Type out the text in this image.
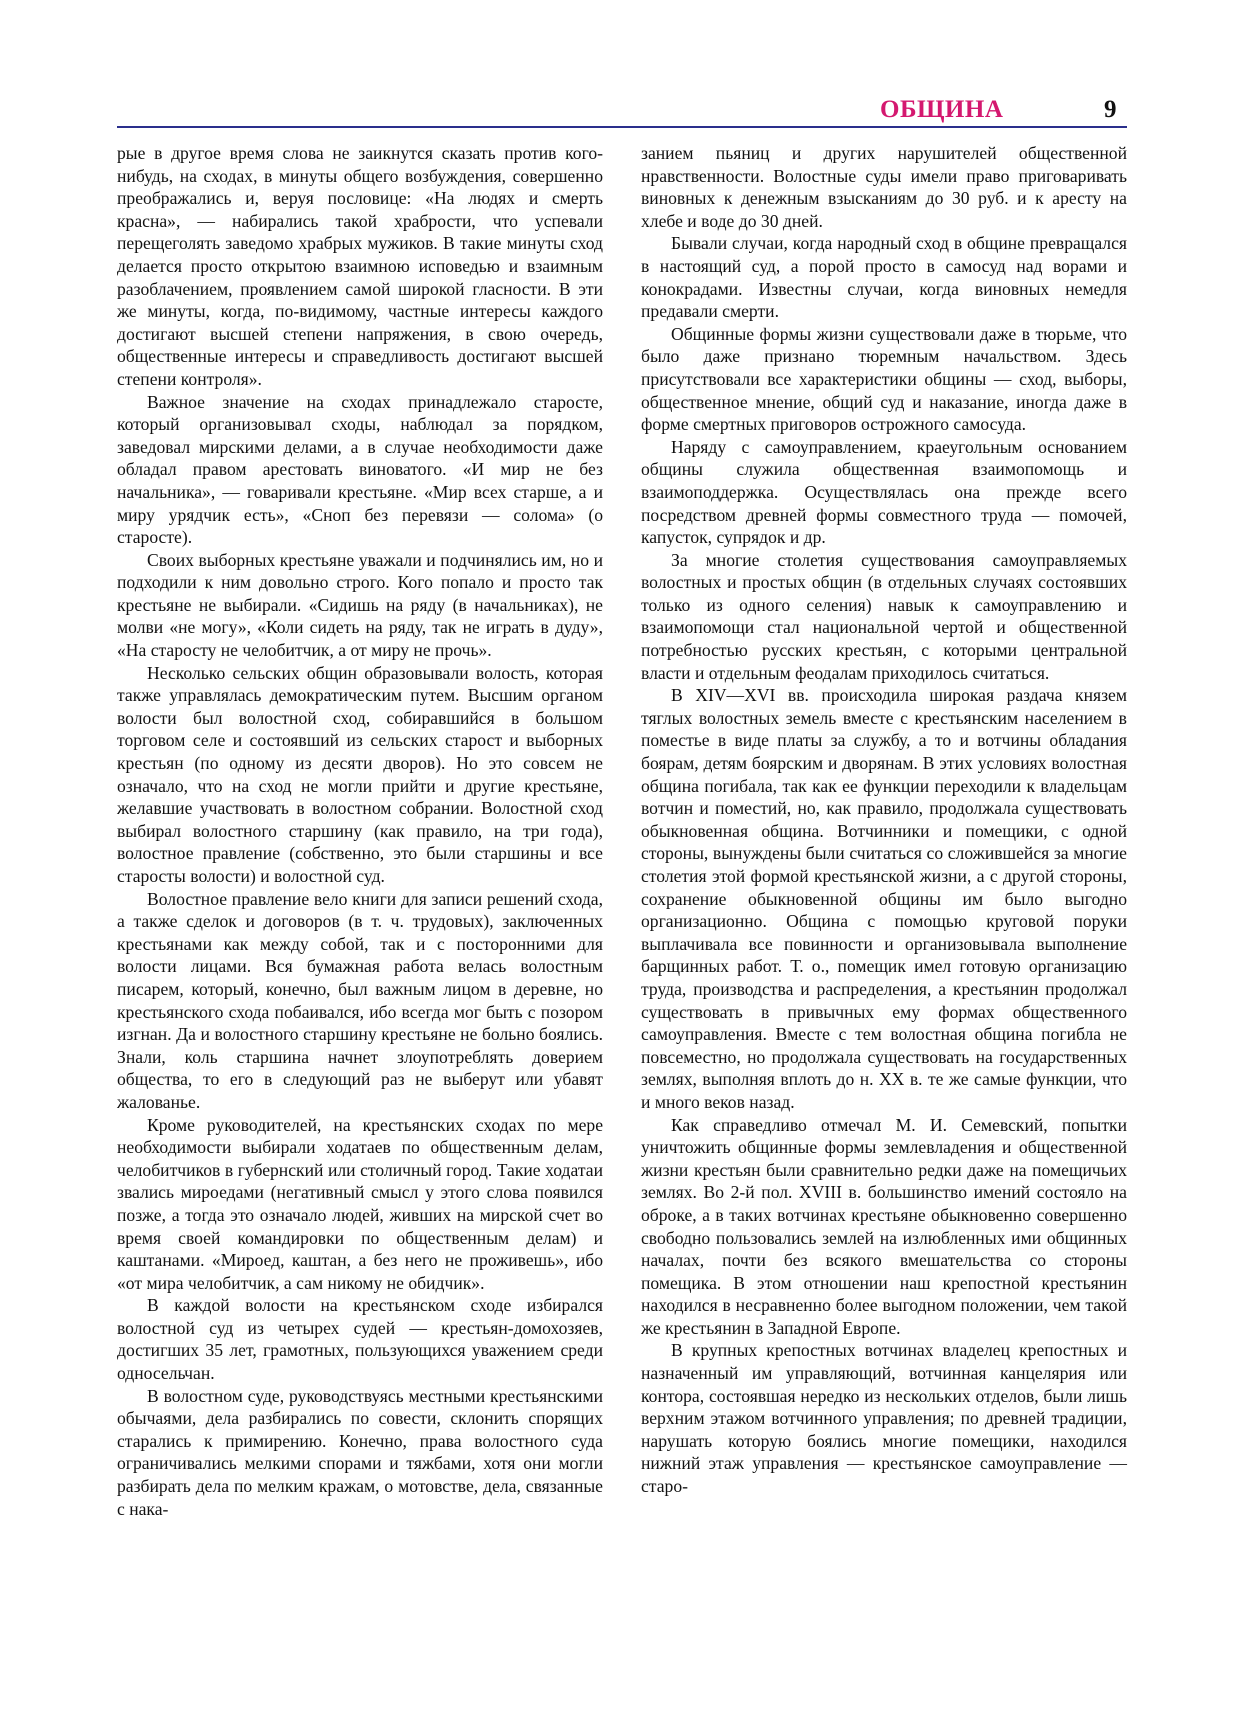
ОБЩИНА	9

рые в другое время слова не заикнутся сказать против кого-нибудь, на сходах, в минуты общего возбуждения, совершенно преображались и, веруя пословице: «На людях и смерть красна», — набирались такой храбрости, что успевали перещеголять заведомо храбрых мужиков. В такие минуты сход делается просто открытою взаимною исповедью и взаимным разоблачением, проявлением самой широкой гласности. В эти же минуты, когда, по-видимому, частные интересы каждого достигают высшей степени напряжения, в свою очередь, общественные интересы и справедливость достигают высшей степени контроля».

Важное значение на сходах принадлежало старосте, который организовывал сходы, наблюдал за порядком, заведовал мирскими делами, а в случае необходимости даже обладал правом арестовать виноватого. «И мир не без начальника», — говаривали крестьяне. «Мир всех старше, а и миру урядчик есть», «Сноп без перевязи — солома» (о старосте).

Своих выборных крестьяне уважали и подчинялись им, но и подходили к ним довольно строго. Кого попало и просто так крестьяне не выбирали. «Сидишь на ряду (в начальниках), не молви «не могу», «Коли сидеть на ряду, так не играть в дуду», «На старосту не челобитчик, а от миру не прочь».

Несколько сельских общин образовывали волость, которая также управлялась демократическим путем. Высшим органом волости был волостной сход, собиравшийся в большом торговом селе и состоявший из сельских старост и выборных крестьян (по одному из десяти дворов). Но это совсем не означало, что на сход не могли прийти и другие крестьяне, желавшие участвовать в волостном собрании. Волостной сход выбирал волостного старшину (как правило, на три года), волостное правление (собственно, это были старшины и все старосты волости) и волостной суд.

Волостное правление вело книги для записи решений схода, а также сделок и договоров (в т. ч. трудовых), заключенных крестьянами как между собой, так и с посторонними для волости лицами. Вся бумажная работа велась волостным писарем, который, конечно, был важным лицом в деревне, но крестьянского схода побаивался, ибо всегда мог быть с позором изгнан. Да и волостного старшину крестьяне не больно боялись. Знали, коль старшина начнет злоупотреблять доверием общества, то его в следующий раз не выберут или убавят жалованье.

Кроме руководителей, на крестьянских сходах по мере необходимости выбирали ходатаев по общественным делам, челобитчиков в губернский или столичный город. Такие ходатаи звались мироедами (негативный смысл у этого слова появился позже, а тогда это означало людей, живших на мирской счет во время своей командировки по общественным делам) и каштанами. «Мироед, каштан, а без него не проживешь», ибо «от мира челобитчик, а сам никому не обидчик».

В каждой волости на крестьянском сходе избирался волостной суд из четырех судей — крестьян-домохозяев, достигших 35 лет, грамотных, пользующихся уважением среди односельчан.

В волостном суде, руководствуясь местными крестьянскими обычаями, дела разбирались по совести, склонить спорящих старались к примирению. Конечно, права волостного суда ограничивались мелкими спорами и тяжбами, хотя они могли разбирать дела по мелким кражам, о мотовстве, дела, связанные с нака-

занием пьяниц и других нарушителей общественной нравственности. Волостные суды имели право приговаривать виновных к денежным взысканиям до 30 руб. и к аресту на хлебе и воде до 30 дней.

Бывали случаи, когда народный сход в общине превращался в настоящий суд, а порой просто в самосуд над ворами и конокрадами. Известны случаи, когда виновных немедля предавали смерти.

Общинные формы жизни существовали даже в тюрьме, что было даже признано тюремным начальством. Здесь присутствовали все характеристики общины — сход, выборы, общественное мнение, общий суд и наказание, иногда даже в форме смертных приговоров острожного самосуда.

Наряду с самоуправлением, краеугольным основанием общины служила общественная взаимопомощь и взаимоподдержка. Осуществлялась она прежде всего посредством древней формы совместного труда — помочей, капусток, супрядок и др.

За многие столетия существования самоуправляемых волостных и простых общин (в отдельных случаях состоявших только из одного селения) навык к самоуправлению и взаимопомощи стал национальной чертой и общественной потребностью русских крестьян, с которыми центральной власти и отдельным феодалам приходилось считаться.

В XIV—XVI вв. происходила широкая раздача князем тяглых волостных земель вместе с крестьянским населением в поместье в виде платы за службу, а то и вотчины обладания боярам, детям боярским и дворянам. В этих условиях волостная община погибала, так как ее функции переходили к владельцам вотчин и поместий, но, как правило, продолжала существовать обыкновенная община. Вотчинники и помещики, с одной стороны, вынуждены были считаться со сложившейся за многие столетия этой формой крестьянской жизни, а с другой стороны, сохранение обыкновенной общины им было выгодно организационно. Община с помощью круговой поруки выплачивала все повинности и организовывала выполнение барщинных работ. Т. о., помещик имел готовую организацию труда, производства и распределения, а крестьянин продолжал существовать в привычных ему формах общественного самоуправления. Вместе с тем волостная община погибла не повсеместно, но продолжала существовать на государственных землях, выполняя вплоть до н. XX в. те же самые функции, что и много веков назад.

Как справедливо отмечал М. И. Семевский, попытки уничтожить общинные формы землевладения и общественной жизни крестьян были сравнительно редки даже на помещичьих землях. Во 2-й пол. XVIII в. большинство имений состояло на оброке, а в таких вотчинах крестьяне обыкновенно совершенно свободно пользовались землей на излюбленных ими общинных началах, почти без всякого вмешательства со стороны помещика. В этом отношении наш крепостной крестьянин находился в несравненно более выгодном положении, чем такой же крестьянин в Западной Европе.

В крупных крепостных вотчинах владелец крепостных и назначенный им управляющий, вотчинная канцелярия или контора, состоявшая нередко из нескольких отделов, были лишь верхним этажом вотчинного управления; по древней традиции, нарушать которую боялись многие помещики, находился нижний этаж управления — крестьянское самоуправление — старо-
